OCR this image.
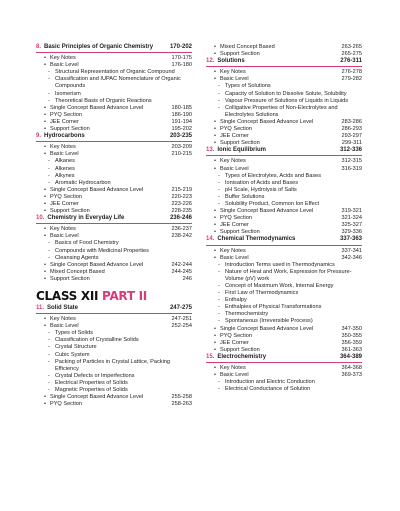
8. Basic Principles of Organic Chemistry	170-202
• Key Notes	170-175
• Basic Level	176-180
- Structural Representation of Organic Compound
- Classification and IUPAC Nomenclature of Organic Compounds
- Isomerism
- Theoretical Basis of Organic Reactions
• Single Concept Based Advance Level	180-185
• PYQ Section	186-190
• JEE Corner	191-194
• Support Section	195-202
9. Hydrocarbons	203-235
• Key Notes	203-209
• Basic Level	210-215
- Alkanes
- Alkenes
- Alkynes
- Aromatic Hydrocarbon
• Single Concept Based Advance Level	215-219
• PYQ Section	220-223
• JEE Corner	223-226
• Support Section	228-235
10. Chemistry in Everyday Life	236-246
• Key Notes	236-237
• Basic Level	238-242
- Basics of Food Chemistry
- Compounds with Medicinal Properties
- Cleansing Agents
• Single Concept Based Advance Level	242-244
• Mixed Concept Based	244-245
• Support Section	246
CLASS XII PART II
11. Solid State	247-275
• Key Notes	247-251
• Basic Level	252-254
- Types of Solids
- Classification of Crystalline Solids
- Crystal Structure
- Cubic System
- Packing of Particles in Crystal Lattice, Packing Efficiency
- Crystal Defects or Imperfections
- Electrical Properties of Solids
- Magnetic Properties of Solids
• Single Concept Based Advance Level	255-258
• PYQ Section	258-263
• Mixed Concept Based	263-265
• Support Section	265-275
12. Solutions	276-311
• Key Notes	276-278
• Basic Level	279-282
- Types of Solutions
- Capacity of Solution to Dissolve Solute, Solubility
- Vapour Pressure of Solutions of Liquids in Liquids
- Colligative Properties of Non-Electrolytes and Electrolytes Solutions
• Single Concept Based Advance Level	283-286
• PYQ Section	286-293
• JEE Corner	293-297
• Support Section	299-311
13. Ionic Equilibrium	312-336
• Key Notes	312-315
• Basic Level	316-319
- Types of Electrolytes, Acids and Bases
- Ionisation of Acids and Bases
- pH Scale, Hydrolysis of Salts
- Buffer Solutions
- Solubility Product, Common Ion Effect
• Single Concept Based Advance Level	319-321
• PYQ Section	321-324
• JEE Corner	325-327
• Support Section	329-336
14. Chemical Thermodynamics	337-363
• Key Notes	337-341
• Basic Level	342-346
- Introduction Terms used in Thermodynamics
- Nature of Heat and Work, Expression for Pressure-Volume (pV) work
- Concept of Maximum Work, Internal Energy
- First Law of Thermodynamics
- Enthalpy
- Enthalpies of Physical Transformations
- Thermochemistry
- Spontaneous (Irreversible Process)
• Single Concept Based Advance Level	347-350
• PYQ Section	350-355
• JEE Corner	356-359
• Support Section	361-363
15. Electrochemistry	364-389
• Key Notes	364-368
• Basic Level	369-373
- Introduction and Electric Conduction
- Electrical Conductance of Solution
